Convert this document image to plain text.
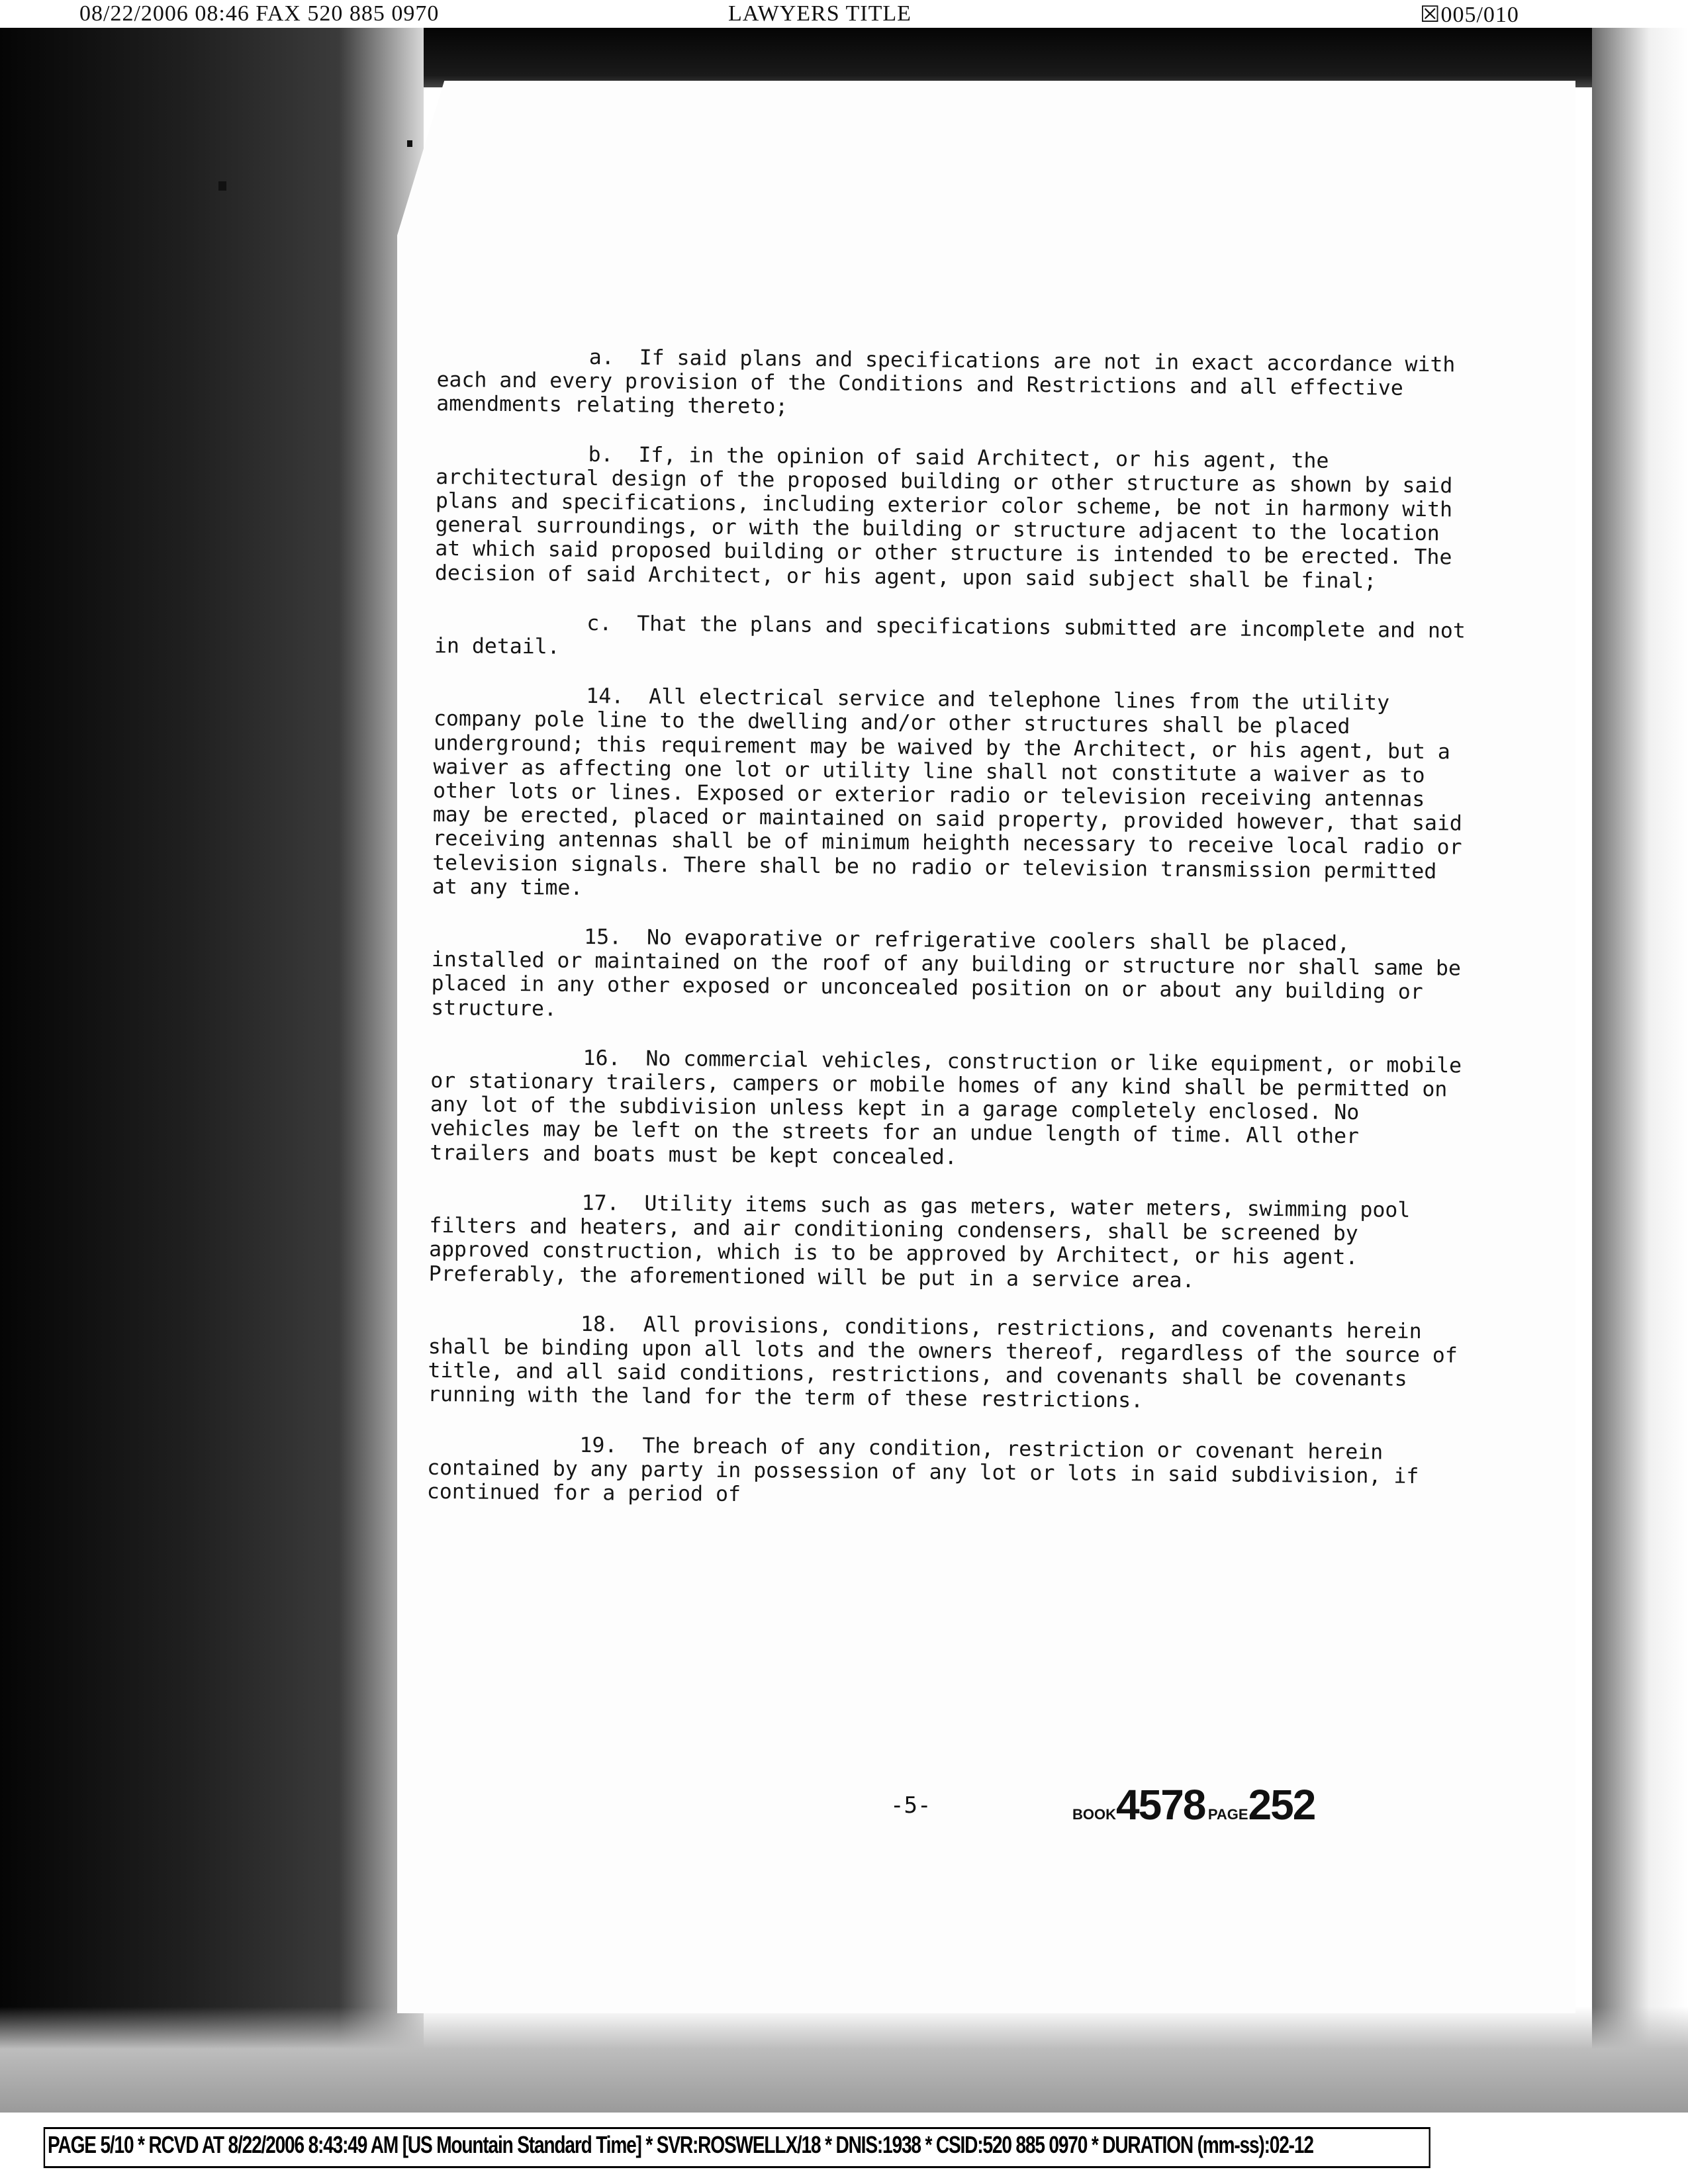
08/22/2006 08:46 FAX 520 885 0970	LAWYERS TITLE	☒005/010

a. If said plans and specifications are not in exact accordance with each and every provision of the Conditions and Restrictions and all effective amendments relating thereto;

b. If, in the opinion of said Architect, or his agent, the architectural design of the proposed building or other structure as shown by said plans and specifications, including exterior color scheme, be not in harmony with general surroundings, or with the building or structure adjacent to the location at which said proposed building or other structure is intended to be erected. The decision of said Architect, or his agent, upon said subject shall be final;

c. That the plans and specifications submitted are incomplete and not in detail.

14. All electrical service and telephone lines from the utility company pole line to the dwelling and/or other structures shall be placed underground; this requirement may be waived by the Architect, or his agent, but a waiver as affecting one lot or utility line shall not constitute a waiver as to other lots or lines. Exposed or exterior radio or television receiving antennas may be erected, placed or maintained on said property, provided however, that said receiving antennas shall be of minimum heighth necessary to receive local radio or television signals. There shall be no radio or television transmission permitted at any time.

15. No evaporative or refrigerative coolers shall be placed, installed or maintained on the roof of any building or structure nor shall same be placed in any other exposed or unconcealed position on or about any building or structure.

16. No commercial vehicles, construction or like equipment, or mobile or stationary trailers, campers or mobile homes of any kind shall be permitted on any lot of the subdivision unless kept in a garage completely enclosed. No vehicles may be left on the streets for an undue length of time. All other trailers and boats must be kept concealed.

17. Utility items such as gas meters, water meters, swimming pool filters and heaters, and air conditioning condensers, shall be screened by approved construction, which is to be approved by Architect, or his agent. Preferably, the aforementioned will be put in a service area.

18. All provisions, conditions, restrictions, and covenants herein shall be binding upon all lots and the owners thereof, regardless of the source of title, and all said conditions, restrictions, and covenants shall be covenants running with the land for the term of these restrictions.

19. The breach of any condition, restriction or covenant herein contained by any party in possession of any lot or lots in said subdivision, if continued for a period of

-5-	BOOK4578 PAGE252
PAGE 5/10 * RCVD AT 8/22/2006 8:43:49 AM [US Mountain Standard Time] * SVR:ROSWELLX/18 * DNIS:1938 * CSID:520 885 0970 * DURATION (mm-ss):02-12
